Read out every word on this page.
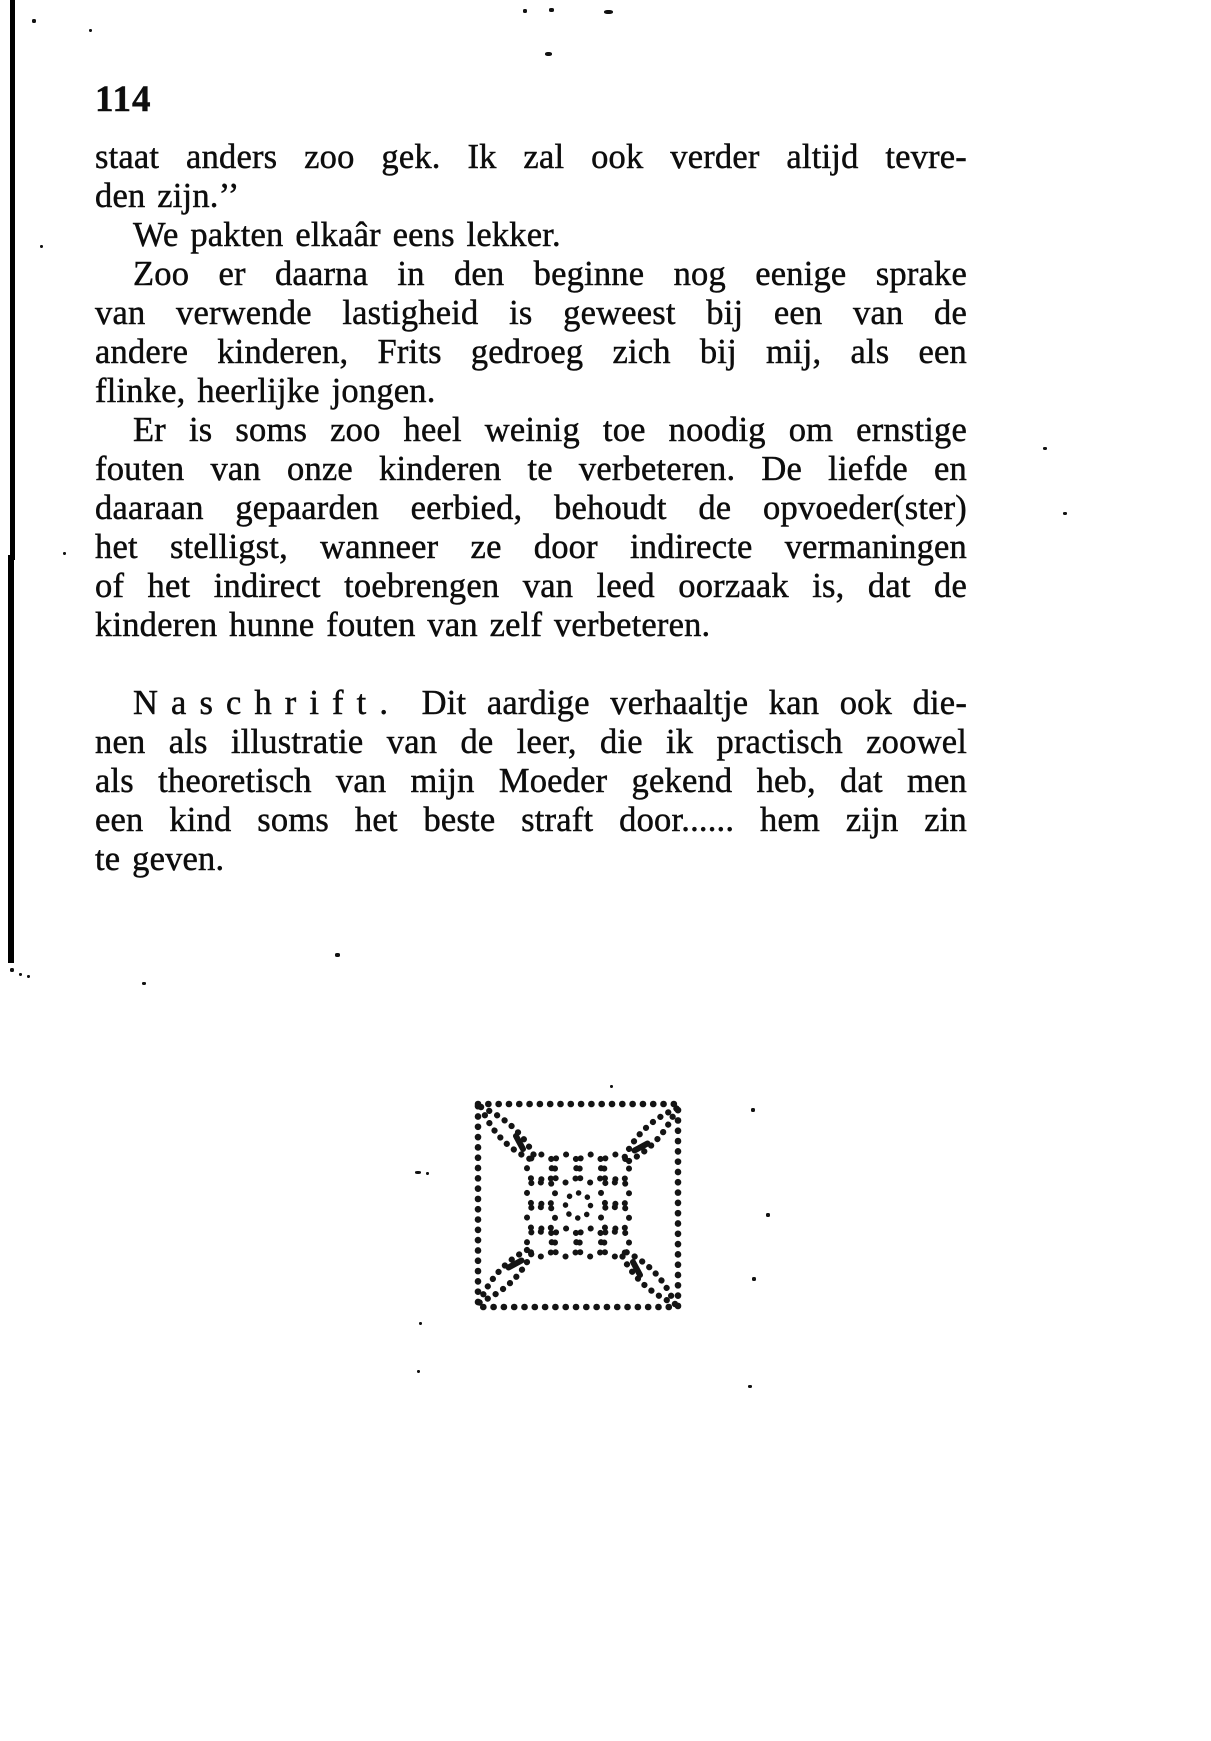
114
staat anders zoo gek. Ik zal ook verder altijd tevre-
den zijn.’’
We pakten elkaâr eens lekker.
Zoo er daarna in den beginne nog eenige sprake
van verwende lastigheid is geweest bij een van de
andere kinderen, Frits gedroeg zich bij mij, als een
flinke, heerlijke jongen.
Er is soms zoo heel weinig toe noodig om ernstige
fouten van onze kinderen te verbeteren. De liefde en
daaraan gepaarden eerbied, behoudt de opvoeder(ster)
het stelligst, wanneer ze door indirecte vermaningen
of het indirect toebrengen van leed oorzaak is, dat de
kinderen hunne fouten van zelf verbeteren.
Naschrift. Dit aardige verhaaltje kan ook die-
nen als illustratie van de leer, die ik practisch zoowel
als theoretisch van mijn Moeder gekend heb, dat men
een kind soms het beste straft door...... hem zijn zin
te geven.
